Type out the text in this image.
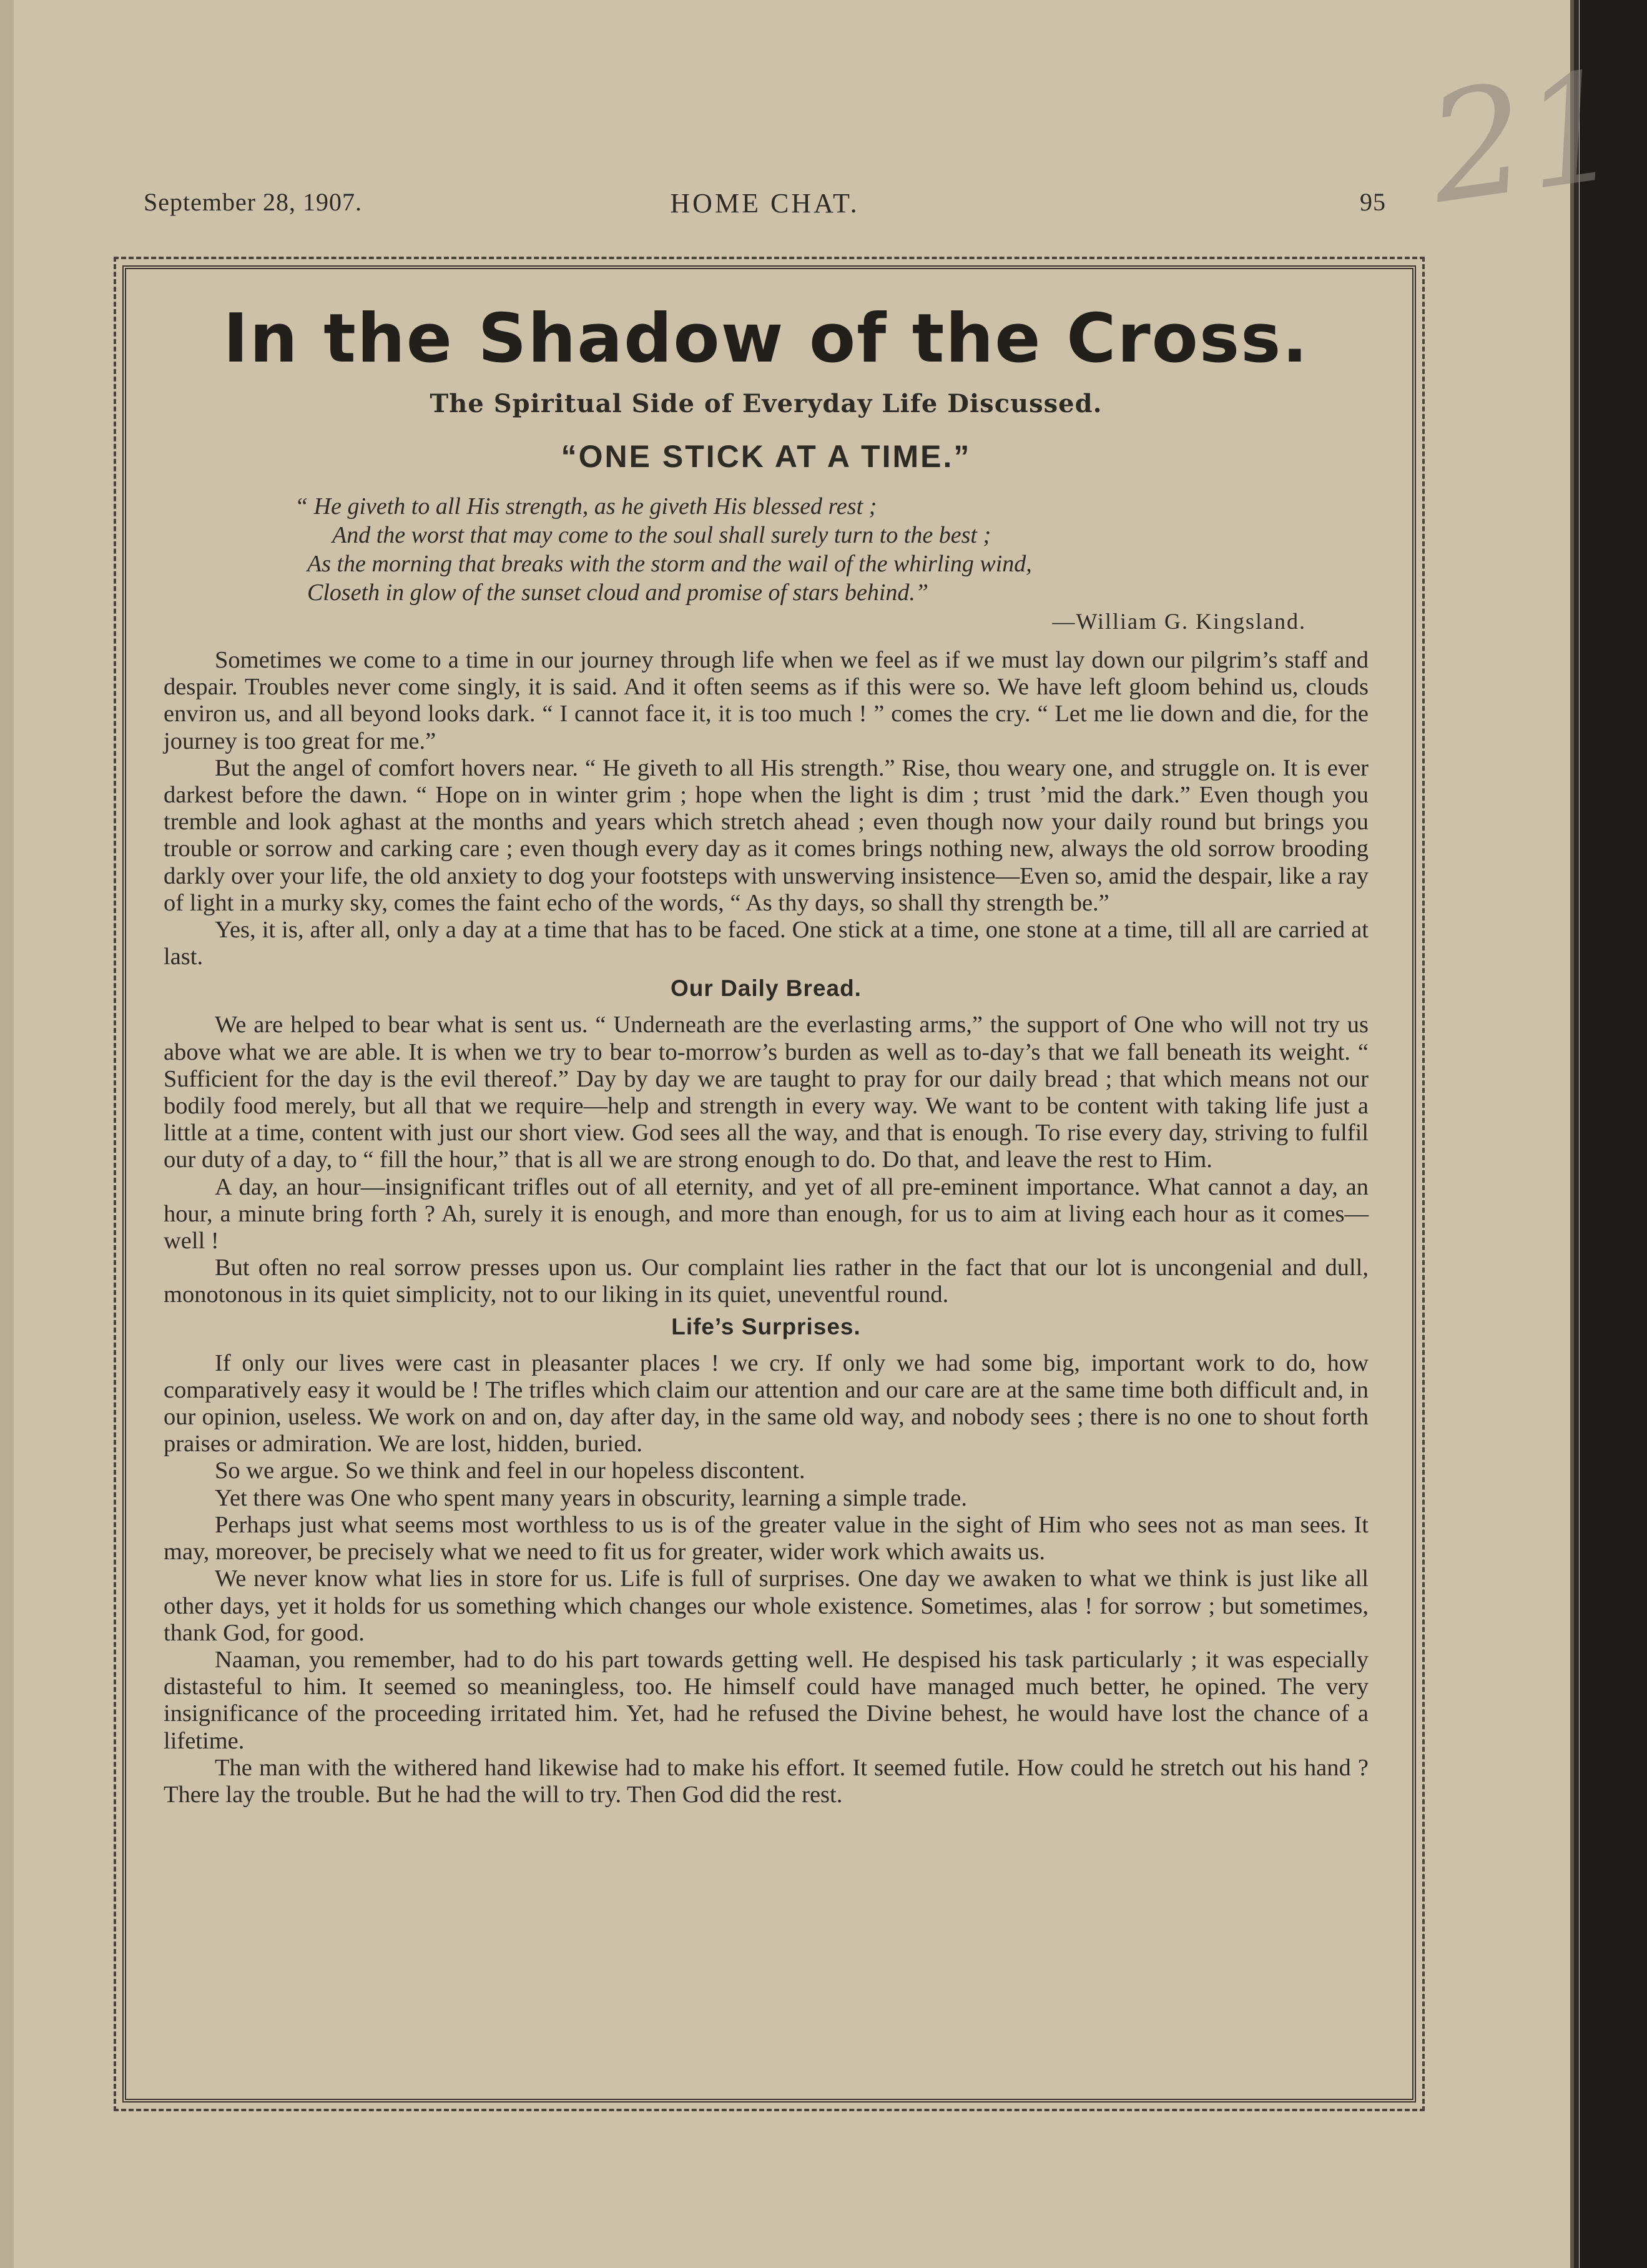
21
September 28, 1907.	HOME CHAT.	95
In the Shadow of the Cross.
The Spiritual Side of Everyday Life Discussed.
“ONE STICK AT A TIME.”
“ He giveth to all His strength, as he giveth His blessed rest ;
And the worst that may come to the soul shall surely turn to the best ;
As the morning that breaks with the storm and the wail of the whirling wind,
Closeth in glow of the sunset cloud and promise of stars behind.”
—William G. Kingsland.

Sometimes we come to a time in our journey through life when we feel as if we must lay down our pilgrim’s staff and despair. Troubles never come singly, it is said. And it often seems as if this were so. We have left gloom behind us, clouds environ us, and all beyond looks dark. “ I cannot face it, it is too much ! ” comes the cry. “ Let me lie down and die, for the journey is too great for me.”

But the angel of comfort hovers near. “ He giveth to all His strength.” Rise, thou weary one, and struggle on. It is ever darkest before the dawn. “ Hope on in winter grim ; hope when the light is dim ; trust ’mid the dark.” Even though you tremble and look aghast at the months and years which stretch ahead ; even though now your daily round but brings you trouble or sorrow and carking care ; even though every day as it comes brings nothing new, always the old sorrow brooding darkly over your life, the old anxiety to dog your footsteps with unswerving insistence—Even so, amid the despair, like a ray of light in a murky sky, comes the faint echo of the words, “ As thy days, so shall thy strength be.”

Yes, it is, after all, only a day at a time that has to be faced. One stick at a time, one stone at a time, till all are carried at last.

Our Daily Bread.

We are helped to bear what is sent us. “ Underneath are the everlasting arms,” the support of One who will not try us above what we are able. It is when we try to bear to-morrow’s burden as well as to-day’s that we fall beneath its weight. “ Sufficient for the day is the evil thereof.” Day by day we are taught to pray for our daily bread ; that which means not our bodily food merely, but all that we require—help and strength in every way. We want to be content with taking life just a little at a time, content with just our short view. God sees all the way, and that is enough. To rise every day, striving to fulfil our duty of a day, to “ fill the hour,” that is all we are strong enough to do. Do that, and leave the rest to Him.

A day, an hour—insignificant trifles out of all eternity, and yet of all pre-eminent importance. What cannot a day, an hour, a minute bring forth ? Ah, surely it is enough, and more than enough, for us to aim at living each hour as it comes—well !

But often no real sorrow presses upon us. Our complaint lies rather in the fact that our lot is uncongenial and dull, monotonous in its quiet simplicity, not to our liking in its quiet, uneventful round.

Life’s Surprises.

If only our lives were cast in pleasanter places ! we cry. If only we had some big, important work to do, how comparatively easy it would be ! The trifles which claim our attention and our care are at the same time both difficult and, in our opinion, useless. We work on and on, day after day, in the same old way, and nobody sees ; there is no one to shout forth praises or admiration. We are lost, hidden, buried.

So we argue. So we think and feel in our hopeless discontent.

Yet there was One who spent many years in obscurity, learning a simple trade.

Perhaps just what seems most worthless to us is of the greater value in the sight of Him who sees not as man sees. It may, moreover, be precisely what we need to fit us for greater, wider work which awaits us.

We never know what lies in store for us. Life is full of surprises. One day we awaken to what we think is just like all other days, yet it holds for us something which changes our whole existence. Sometimes, alas ! for sorrow ; but sometimes, thank God, for good.

Naaman, you remember, had to do his part towards getting well. He despised his task particularly ; it was especially distasteful to him. It seemed so meaningless, too. He himself could have managed much better, he opined. The very insignificance of the proceeding irritated him. Yet, had he refused the Divine behest, he would have lost the chance of a lifetime.

The man with the withered hand likewise had to make his effort. It seemed futile. How could he stretch out his hand ? There lay the trouble. But he had the will to try. Then God did the rest.
